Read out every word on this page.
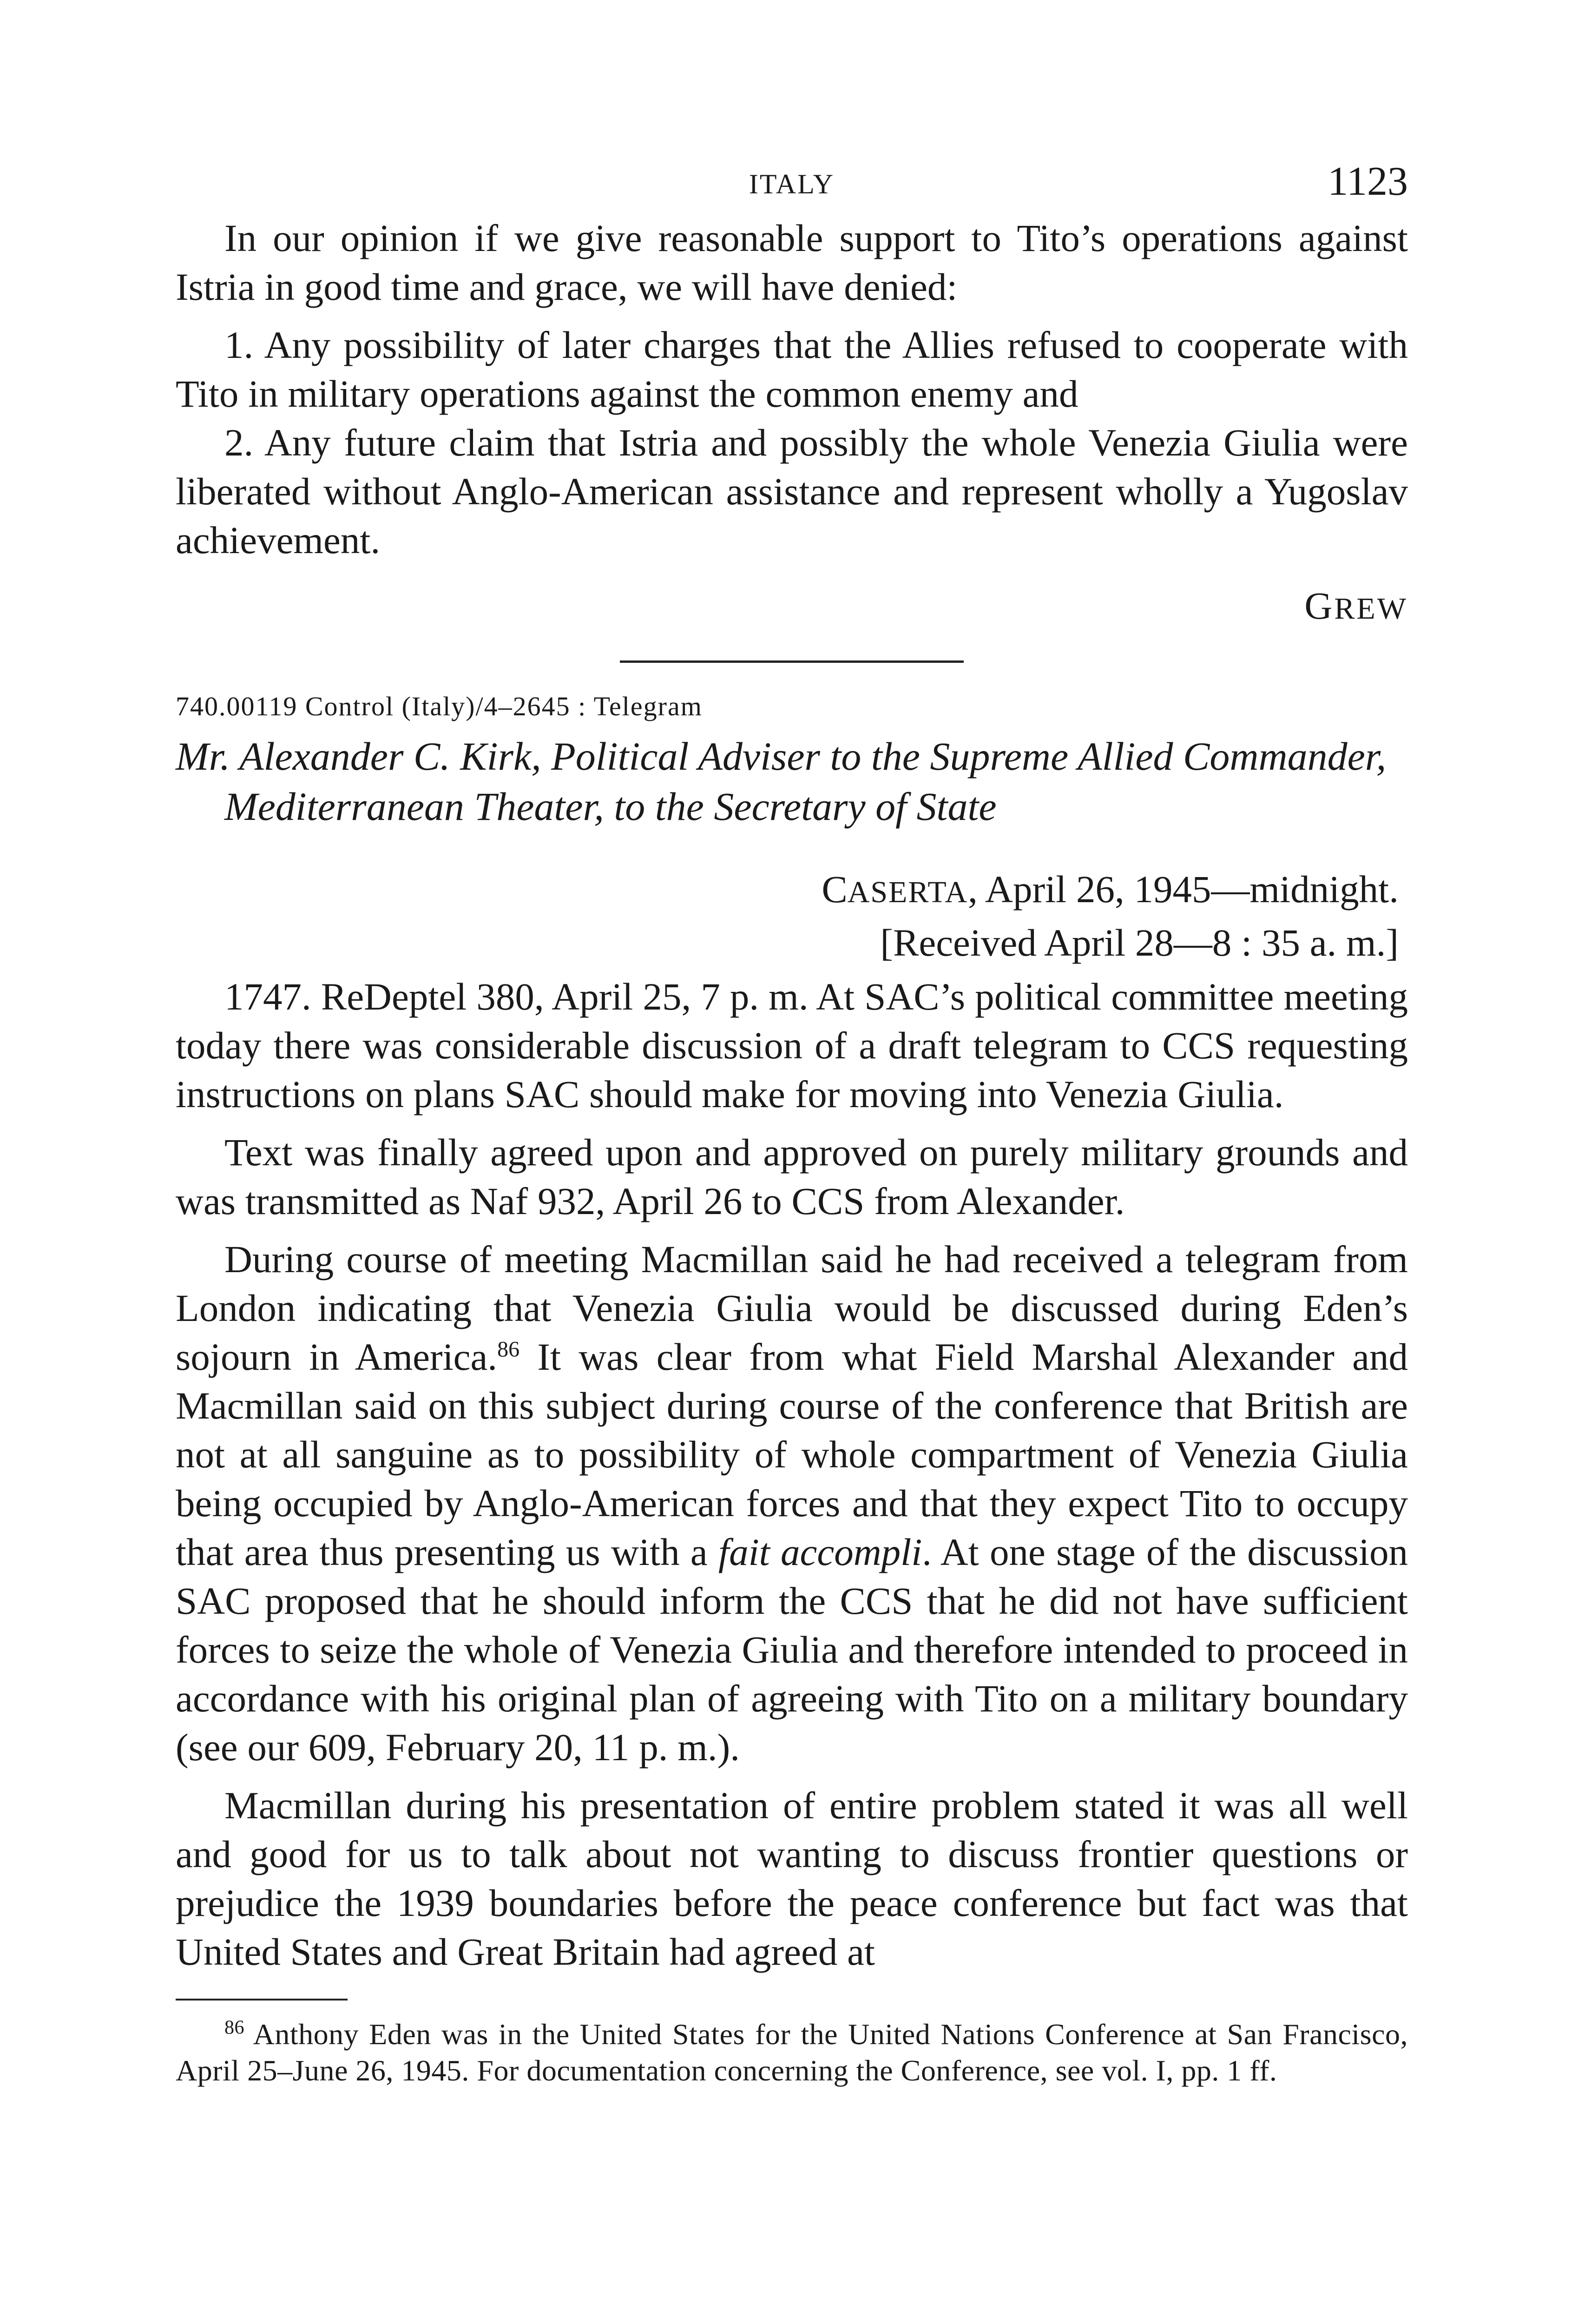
ITALY	1123

In our opinion if we give reasonable support to Tito’s operations against Istria in good time and grace, we will have denied:

1. Any possibility of later charges that the Allies refused to cooperate with Tito in military operations against the common enemy and

2. Any future claim that Istria and possibly the whole Venezia Giulia were liberated without Anglo-American assistance and represent wholly a Yugoslav achievement.

GREW
740.00119 Control (Italy)/4–2645 : Telegram
Mr. Alexander C. Kirk, Political Adviser to the Supreme Allied Commander, Mediterranean Theater, to the Secretary of State
CASERTA, April 26, 1945—midnight.
[Received April 28—8 : 35 a. m.]

1747. ReDeptel 380, April 25, 7 p. m. At SAC’s political committee meeting today there was considerable discussion of a draft telegram to CCS requesting instructions on plans SAC should make for moving into Venezia Giulia.

Text was finally agreed upon and approved on purely military grounds and was transmitted as Naf 932, April 26 to CCS from Alexander.

During course of meeting Macmillan said he had received a telegram from London indicating that Venezia Giulia would be discussed during Eden’s sojourn in America.$^{86}$ It was clear from what Field Marshal Alexander and Macmillan said on this subject during course of the conference that British are not at all sanguine as to possibility of whole compartment of Venezia Giulia being occupied by Anglo-American forces and that they expect Tito to occupy that area thus presenting us with a fait accompli. At one stage of the discussion SAC proposed that he should inform the CCS that he did not have sufficient forces to seize the whole of Venezia Giulia and therefore intended to proceed in accordance with his original plan of agreeing with Tito on a military boundary (see our 609, February 20, 11 p. m.).

Macmillan during his presentation of entire problem stated it was all well and good for us to talk about not wanting to discuss frontier questions or prejudice the 1939 boundaries before the peace conference but fact was that United States and Great Britain had agreed at

$^{86}$ Anthony Eden was in the United States for the United Nations Conference at San Francisco, April 25–June 26, 1945. For documentation concerning the Conference, see vol. I, pp. 1 ff.
